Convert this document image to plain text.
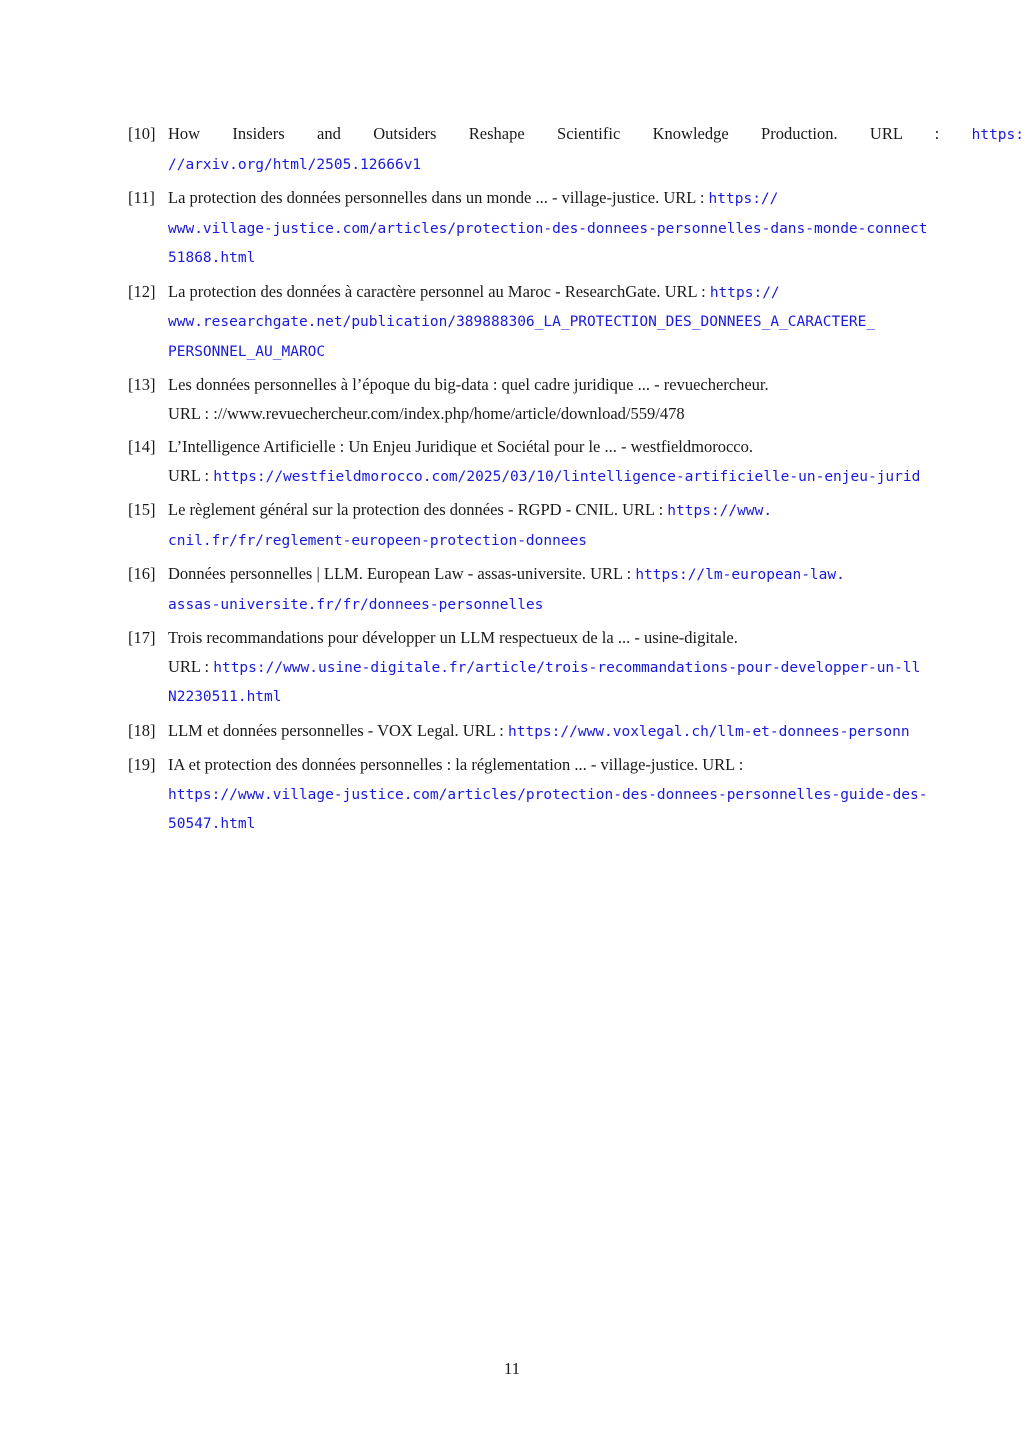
[10] How Insiders and Outsiders Reshape Scientific Knowledge Production. URL : https:
//arxiv.org/html/2505.12666v1
[11] La protection des données personnelles dans un monde ... - village-justice. URL : https://
www.village-justice.com/articles/protection-des-donnees-personnelles-dans-monde-connect
51868.html
[12] La protection des données à caractère personnel au Maroc - ResearchGate. URL : https://
www.researchgate.net/publication/389888306_LA_PROTECTION_DES_DONNEES_A_CARACTERE_
PERSONNEL_AU_MAROC
[13] Les données personnelles à l’époque du big-data : quel cadre juridique ... - revuechercheur.
URL : ://www.revuechercheur.com/index.php/home/article/download/559/478
[14] L’Intelligence Artificielle : Un Enjeu Juridique et Sociétal pour le ... - westfieldmorocco.
URL : https://westfieldmorocco.com/2025/03/10/lintelligence-artificielle-un-enjeu-jurid
[15] Le règlement général sur la protection des données - RGPD - CNIL. URL : https://www.
cnil.fr/fr/reglement-europeen-protection-donnees
[16] Données personnelles | LLM. European Law - assas-universite. URL : https://lm-european-law.
assas-universite.fr/fr/donnees-personnelles
[17] Trois recommandations pour développer un LLM respectueux de la ... - usine-digitale.
URL : https://www.usine-digitale.fr/article/trois-recommandations-pour-developper-un-ll
N2230511.html
[18] LLM et données personnelles - VOX Legal. URL : https://www.voxlegal.ch/llm-et-donnees-personn
[19] IA et protection des données personnelles : la réglementation ... - village-justice. URL :
https://www.village-justice.com/articles/protection-des-donnees-personnelles-guide-des-
50547.html
11
